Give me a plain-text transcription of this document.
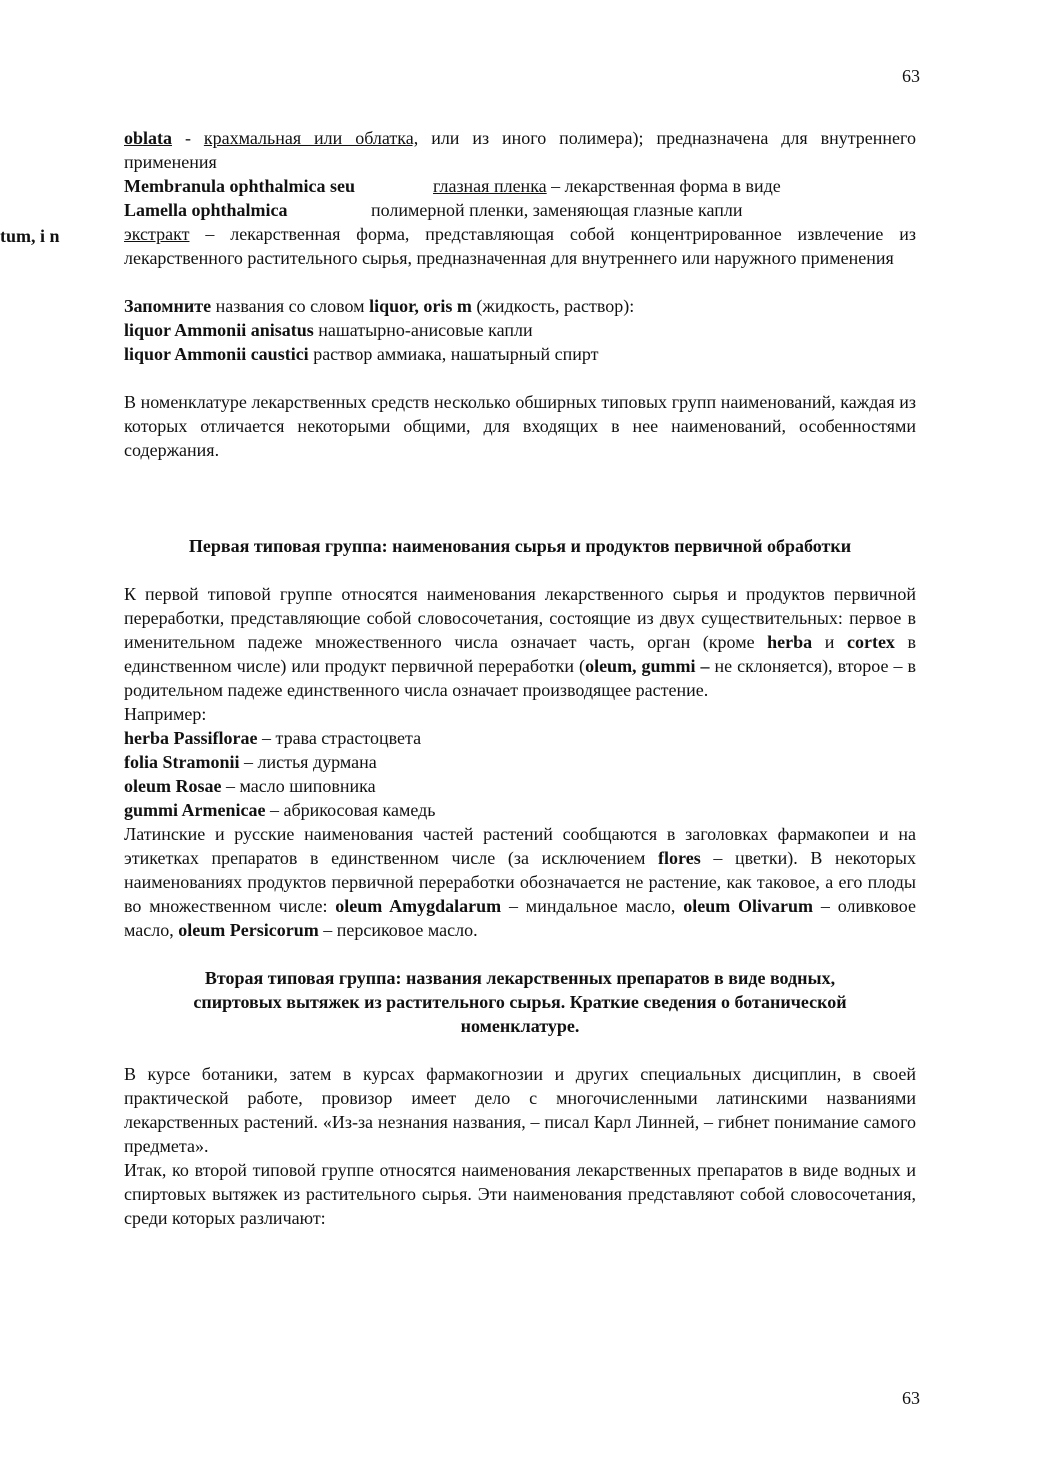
63
tum, i n

oblata - крахмальная или облатка, или из иного полимера); предназначена для внутреннего применения

Membranula ophthalmica seu	глазная пленка – лекарственная форма в виде
Lamella ophthalmica	полимерной пленки, заменяющая глазные капли

экстракт – лекарственная форма, представляющая собой концентрированное извлечение из лекарственного растительного сырья, предназначенная для внутреннего или наружного применения

Запомните названия со словом liquor, oris m (жидкость, раствор):

liquor Ammonii anisatus нашатырно-анисовые капли

liquor Ammonii caustici раствор аммиака, нашатырный спирт

В номенклатуре лекарственных средств несколько обширных типовых групп наименований, каждая из которых отличается некоторыми общими, для входящих в нее наименований, особенностями содержания.

Первая типовая группа: наименования сырья и продуктов первичной обработки

К первой типовой группе относятся наименования лекарственного сырья и продуктов первичной переработки, представляющие собой словосочетания, состоящие из двух существительных: первое в именительном падеже множественного числа означает часть, орган (кроме herba и cortex в единственном числе) или продукт первичной переработки (oleum, gummi – не склоняется), второе – в родительном падеже единственного числа означает производящее растение.

Например:

herba Passiflorae – трава страстоцвета

folia Stramonii – листья дурмана

oleum Rosae – масло шиповника

gummi Armenicae – абрикосовая камедь

Латинские и русские наименования частей растений сообщаются в заголовках фармакопеи и на этикетках препаратов в единственном числе (за исключением flores – цветки). В некоторых наименованиях продуктов первичной переработки обозначается не растение, как таковое, а его плоды во множественном числе: oleum Amygdalarum – миндальное масло, oleum Olivarum – оливковое масло, oleum Persicorum – персиковое масло.

Вторая типовая группа: названия лекарственных препаратов в виде водных,
спиртовых вытяжек из растительного сырья. Краткие сведения о ботанической
номенклатуре.

В курсе ботаники, затем в курсах фармакогнозии и других специальных дисциплин, в своей практической работе, провизор имеет дело с многочисленными латинскими названиями лекарственных растений. «Из-за незнания названия, – писал Карл Линней, – гибнет понимание самого предмета».

Итак, ко второй типовой группе относятся наименования лекарственных препаратов в виде водных и спиртовых вытяжек из растительного сырья. Эти наименования представляют собой словосочетания, среди которых различают:

63
